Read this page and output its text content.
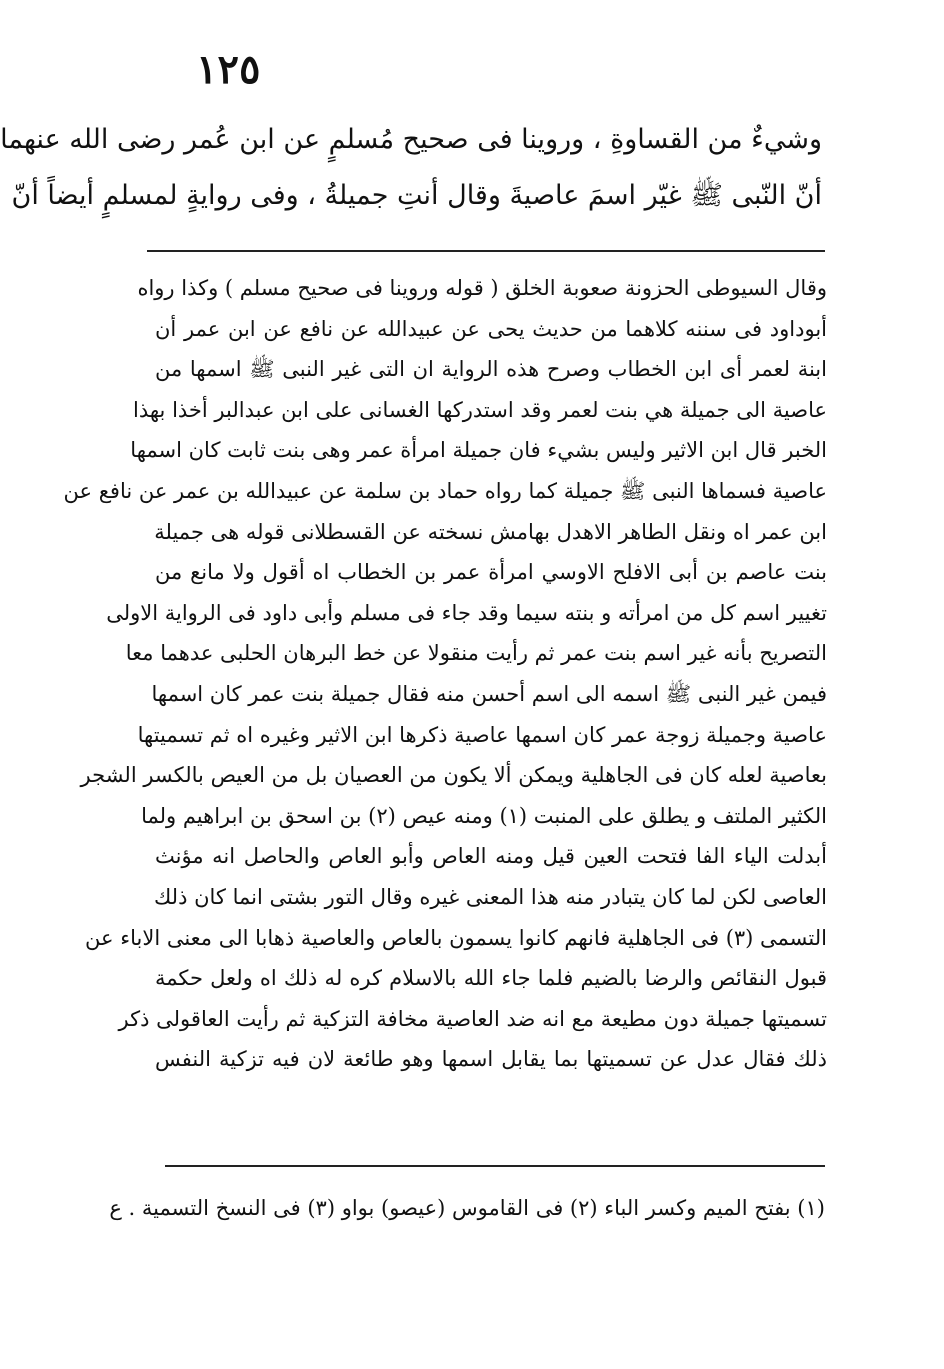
١٢٥
وشيءٌ من القساوةِ ، وروينا فى صحيح مُسلمٍ عن ابن عُمر رضى الله عنهما
أنّ النّبى ﷺ غيّر اسمَ عاصيةَ وقال أنتِ جميلةُ ، وفى روايةٍ لمسلمٍ أيضاً أنّ
وقال السيوطى الحزونة صعوبة الخلق ( قوله وروينا فى صحيح مسلم ) وكذا رواه
أبوداود فى سننه كلاهما من حديث يحى عن عبيدالله عن نافع عن ابن عمر أن
ابنة لعمر أى ابن الخطاب وصرح هذه الرواية ان التى غير النبى ﷺ اسمها من
عاصية الى جميلة هي بنت لعمر وقد استدركها الغسانى على ابن عبدالبر أخذا بهذا
الخبر قال ابن الاثير وليس بشيء فان جميلة امرأة عمر وهى بنت ثابت كان اسمها
عاصية فسماها النبى ﷺ جميلة كما رواه حماد بن سلمة عن عبيدالله بن عمر عن نافع عن
ابن عمر اه ونقل الطاهر الاهدل بهامش نسخته عن القسطلانى قوله هى جميلة
بنت عاصم بن أبى الافلح الاوسي امرأة عمر بن الخطاب اه أقول ولا مانع من
تغيير اسم كل من امرأته و بنته سيما وقد جاء فى مسلم وأبى داود فى الرواية الاولى
التصريح بأنه غير اسم بنت عمر ثم رأيت منقولا عن خط البرهان الحلبى عدهما معا
فيمن غير النبى ﷺ اسمه الى اسم أحسن منه فقال جميلة بنت عمر كان اسمها
عاصية وجميلة زوجة عمر كان اسمها عاصية ذكرها ابن الاثير وغيره اه ثم تسميتها
بعاصية لعله كان فى الجاهلية ويمكن ألا يكون من العصيان بل من العيص بالكسر الشجر
الكثير الملتف و يطلق على المنبت (١) ومنه عيص (٢) بن اسحق بن ابراهيم ولما
أبدلت الياء الفا فتحت العين قيل ومنه العاص وأبو العاص والحاصل انه مؤنث
العاصى لكن لما كان يتبادر منه هذا المعنى غيره وقال التور بشتى انما كان ذلك
التسمى (٣) فى الجاهلية فانهم كانوا يسمون بالعاص والعاصية ذهابا الى معنى الاباء عن
قبول النقائص والرضا بالضيم فلما جاء الله بالاسلام كره له ذلك اه ولعل حكمة
تسميتها جميلة دون مطيعة مع انه ضد العاصية مخافة التزكية ثم رأيت العاقولى ذكر
ذلك فقال عدل عن تسميتها بما يقابل اسمها وهو طائعة لان فيه تزكية النفس
(١) بفتح الميم وكسر الباء (٢) فى القاموس (عيصو) بواو (٣) فى النسخ التسمية . ع
